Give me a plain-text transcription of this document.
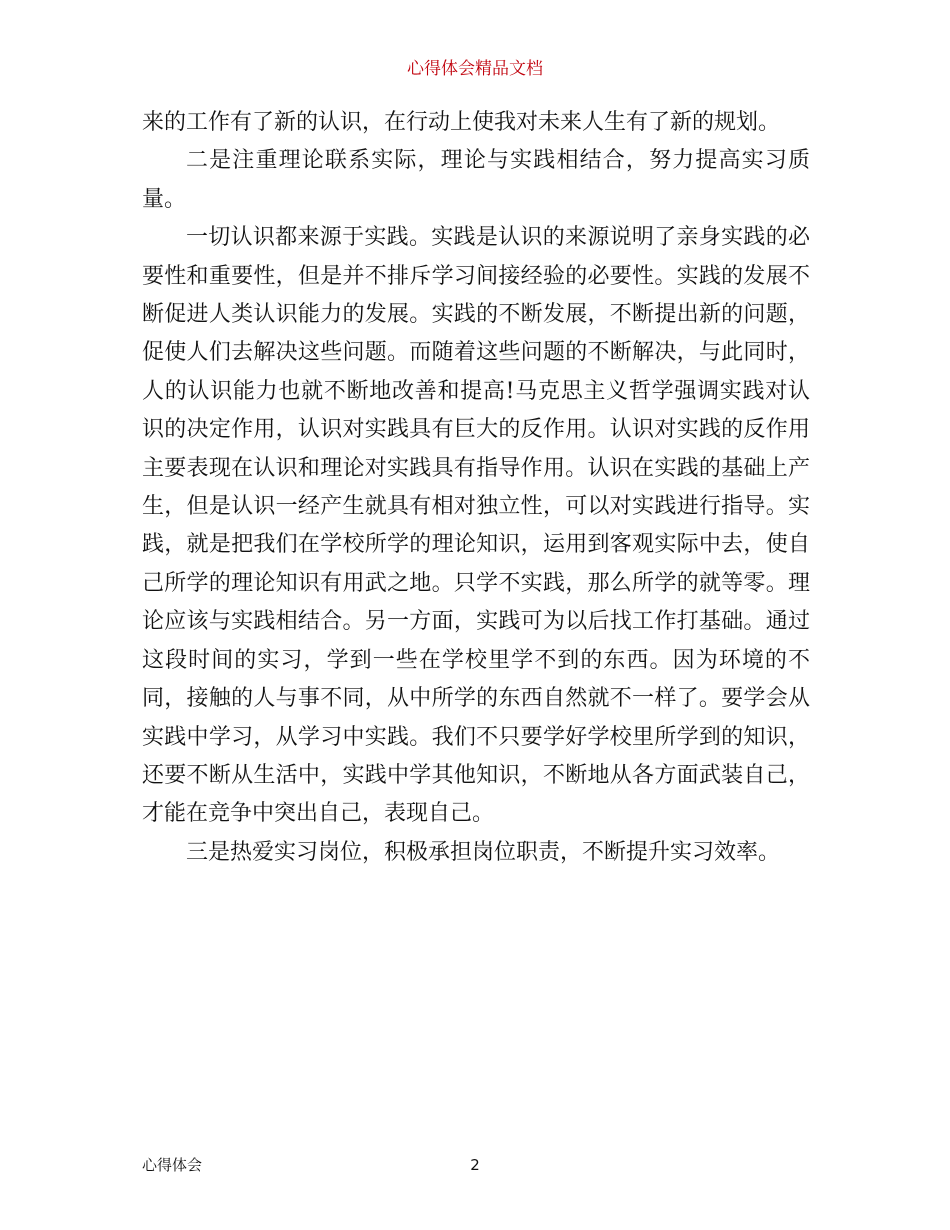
心得体会精品文档

来的工作有了新的认识，在行动上使我对未来人生有了新的规划。

二是注重理论联系实际，理论与实践相结合，努力提高实习质量。

一切认识都来源于实践。实践是认识的来源说明了亲身实践的必要性和重要性，但是并不排斥学习间接经验的必要性。实践的发展不断促进人类认识能力的发展。实践的不断发展，不断提出新的问题，促使人们去解决这些问题。而随着这些问题的不断解决，与此同时，人的认识能力也就不断地改善和提高!马克思主义哲学强调实践对认识的决定作用，认识对实践具有巨大的反作用。认识对实践的反作用主要表现在认识和理论对实践具有指导作用。认识在实践的基础上产生，但是认识一经产生就具有相对独立性，可以对实践进行指导。实践，就是把我们在学校所学的理论知识，运用到客观实际中去，使自己所学的理论知识有用武之地。只学不实践，那么所学的就等零。理论应该与实践相结合。另一方面，实践可为以后找工作打基础。通过这段时间的实习，学到一些在学校里学不到的东西。因为环境的不同，接触的人与事不同，从中所学的东西自然就不一样了。要学会从实践中学习，从学习中实践。我们不只要学好学校里所学到的知识，还要不断从生活中，实践中学其他知识，不断地从各方面武装自己，才能在竞争中突出自己，表现自己。

三是热爱实习岗位，积极承担岗位职责，不断提升实习效率。

心得体会	2
